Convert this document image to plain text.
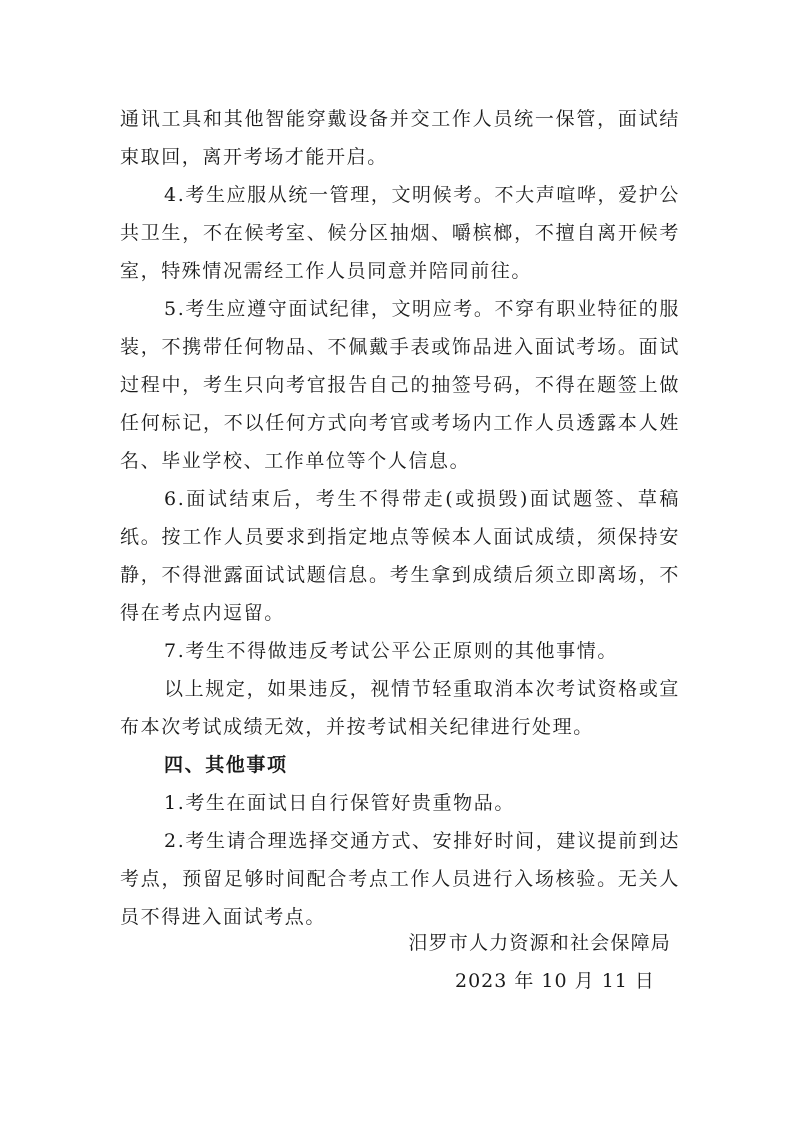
通讯工具和其他智能穿戴设备并交工作人员统一保管，面试结束取回，离开考场才能开启。

4.考生应服从统一管理，文明候考。不大声喧哗，爱护公共卫生，不在候考室、候分区抽烟、嚼槟榔，不擅自离开候考室，特殊情况需经工作人员同意并陪同前往。

5.考生应遵守面试纪律，文明应考。不穿有职业特征的服装，不携带任何物品、不佩戴手表或饰品进入面试考场。面试过程中，考生只向考官报告自己的抽签号码，不得在题签上做任何标记，不以任何方式向考官或考场内工作人员透露本人姓名、毕业学校、工作单位等个人信息。

6.面试结束后，考生不得带走(或损毁)面试题签、草稿纸。按工作人员要求到指定地点等候本人面试成绩，须保持安静，不得泄露面试试题信息。考生拿到成绩后须立即离场，不得在考点内逗留。

7.考生不得做违反考试公平公正原则的其他事情。

以上规定，如果违反，视情节轻重取消本次考试资格或宣布本次考试成绩无效，并按考试相关纪律进行处理。

四、其他事项

1.考生在面试日自行保管好贵重物品。

2.考生请合理选择交通方式、安排好时间，建议提前到达考点，预留足够时间配合考点工作人员进行入场核验。无关人员不得进入面试考点。

汨罗市人力资源和社会保障局

2023 年 10 月 11 日
